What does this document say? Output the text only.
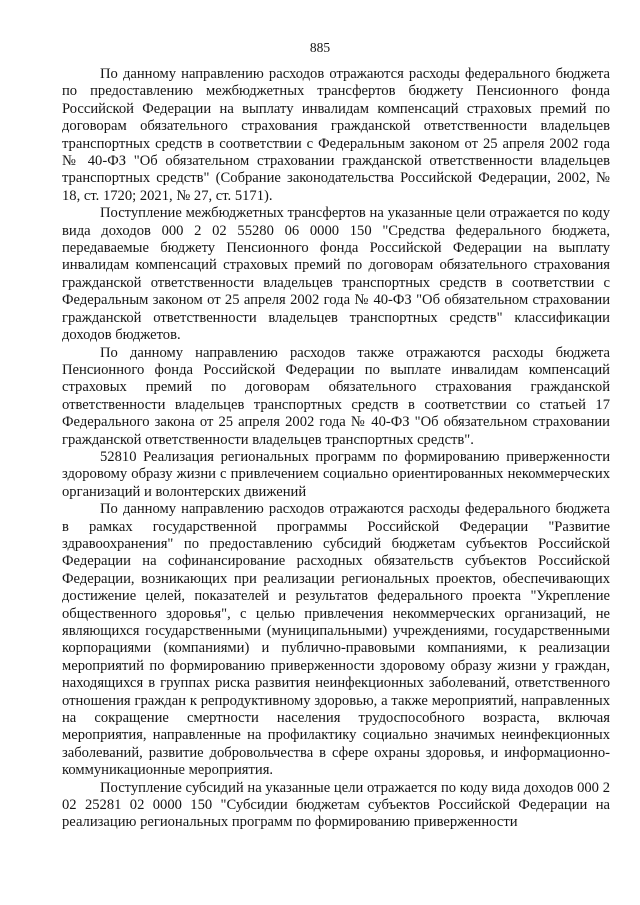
885

По данному направлению расходов отражаются расходы федерального бюджета по предоставлению межбюджетных трансфертов бюджету Пенсионного фонда Российской Федерации на выплату инвалидам компенсаций страховых премий по договорам обязательного страхования гражданской ответственности владельцев транспортных средств в соответствии с Федеральным законом от 25 апреля 2002 года № 40-ФЗ "Об обязательном страховании гражданской ответственности владельцев транспортных средств" (Собрание законодательства Российской Федерации, 2002, № 18, ст. 1720; 2021, № 27, ст. 5171).

Поступление межбюджетных трансфертов на указанные цели отражается по коду вида доходов 000 2 02 55280 06 0000 150 "Средства федерального бюджета, передаваемые бюджету Пенсионного фонда Российской Федерации на выплату инвалидам компенсаций страховых премий по договорам обязательного страхования гражданской ответственности владельцев транспортных средств в соответствии с Федеральным законом от 25 апреля 2002 года № 40-ФЗ "Об обязательном страховании гражданской ответственности владельцев транспортных средств" классификации доходов бюджетов.

По данному направлению расходов также отражаются расходы бюджета Пенсионного фонда Российской Федерации по выплате инвалидам компенсаций страховых премий по договорам обязательного страхования гражданской ответственности владельцев транспортных средств в соответствии со статьей 17 Федерального закона от 25 апреля 2002 года № 40-ФЗ "Об обязательном страховании гражданской ответственности владельцев транспортных средств".

52810 Реализация региональных программ по формированию приверженности здоровому образу жизни с привлечением социально ориентированных некоммерческих организаций и волонтерских движений

По данному направлению расходов отражаются расходы федерального бюджета в рамках государственной программы Российской Федерации "Развитие здравоохранения" по предоставлению субсидий бюджетам субъектов Российской Федерации на софинансирование расходных обязательств субъектов Российской Федерации, возникающих при реализации региональных проектов, обеспечивающих достижение целей, показателей и результатов федерального проекта "Укрепление общественного здоровья", с целью привлечения некоммерческих организаций, не являющихся государственными (муниципальными) учреждениями, государственными корпорациями (компаниями) и публично-правовыми компаниями, к реализации мероприятий по формированию приверженности здоровому образу жизни у граждан, находящихся в группах риска развития неинфекционных заболеваний, ответственного отношения граждан к репродуктивному здоровью, а также мероприятий, направленных на сокращение смертности населения трудоспособного возраста, включая мероприятия, направленные на профилактику социально значимых неинфекционных заболеваний, развитие добровольчества в сфере охраны здоровья, и информационно-коммуникационные мероприятия.

Поступление субсидий на указанные цели отражается по коду вида доходов 000 2 02 25281 02 0000 150 "Субсидии бюджетам субъектов Российской Федерации на реализацию региональных программ по формированию приверженности
